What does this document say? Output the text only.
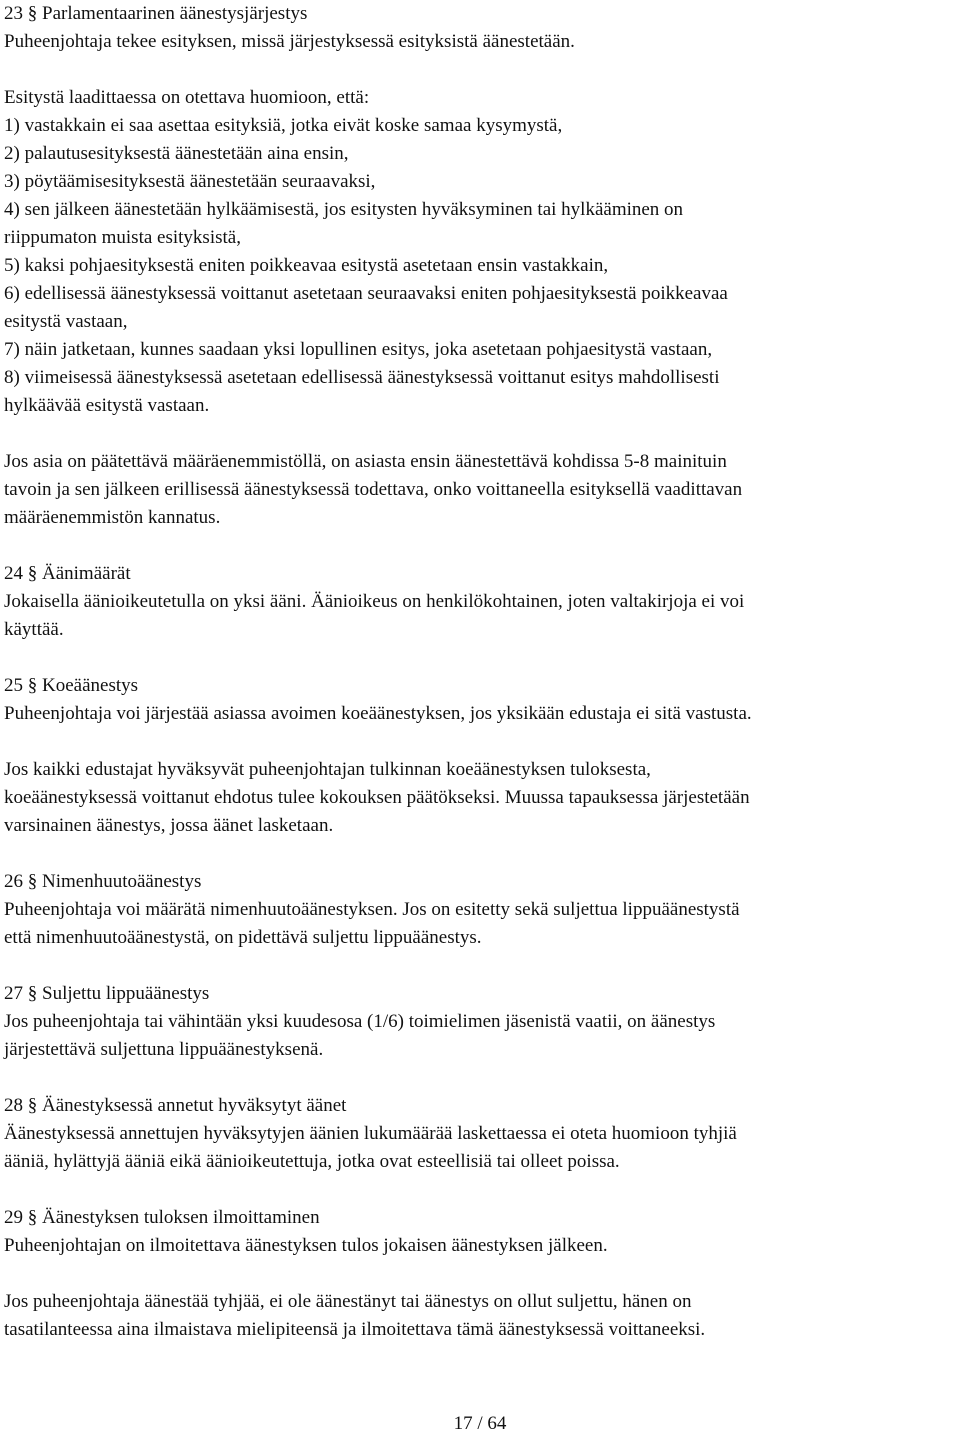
23 § Parlamentaarinen äänestysjärjestys
Puheenjohtaja tekee esityksen, missä järjestyksessä esityksistä äänestetään.
Esitystä laadittaessa on otettava huomioon, että:
1) vastakkain ei saa asettaa esityksiä, jotka eivät koske samaa kysymystä,
2) palautusesityksestä äänestetään aina ensin,
3) pöytäämisesityksestä äänestetään seuraavaksi,
4) sen jälkeen äänestetään hylkäämisestä, jos esitysten hyväksyminen tai hylkääminen on
riippumaton muista esityksistä,
5) kaksi pohjaesityksestä eniten poikkeavaa esitystä asetetaan ensin vastakkain,
6) edellisessä äänestyksessä voittanut asetetaan seuraavaksi eniten pohjaesityksestä poikkeavaa
esitystä vastaan,
7) näin jatketaan, kunnes saadaan yksi lopullinen esitys, joka asetetaan pohjaesitystä vastaan,
8) viimeisessä äänestyksessä asetetaan edellisessä äänestyksessä voittanut esitys mahdollisesti
hylkäävää esitystä vastaan.
Jos asia on päätettävä määräenemmistöllä, on asiasta ensin äänestettävä kohdissa 5-8 mainituin
tavoin ja sen jälkeen erillisessä äänestyksessä todettava, onko voittaneella esityksellä vaadittavan
määräenemmistön kannatus.
24 § Äänimäärät
Jokaisella äänioikeutetulla on yksi ääni. Äänioikeus on henkilökohtainen, joten valtakirjoja ei voi
käyttää.
25 § Koeäänestys
Puheenjohtaja voi järjestää asiassa avoimen koeäänestyksen, jos yksikään edustaja ei sitä vastusta.
Jos kaikki edustajat hyväksyvät puheenjohtajan tulkinnan koeäänestyksen tuloksesta,
koeäänestyksessä voittanut ehdotus tulee kokouksen päätökseksi. Muussa tapauksessa järjestetään
varsinainen äänestys, jossa äänet lasketaan.
26 § Nimenhuutoäänestys
Puheenjohtaja voi määrätä nimenhuutoäänestyksen. Jos on esitetty sekä suljettua lippuäänestystä
että nimenhuutoäänestystä, on pidettävä suljettu lippuäänestys.
27 § Suljettu lippuäänestys
Jos puheenjohtaja tai vähintään yksi kuudesosa (1/6) toimielimen jäsenistä vaatii, on äänestys
järjestettävä suljettuna lippuäänestyksenä.
28 § Äänestyksessä annetut hyväksytyt äänet
Äänestyksessä annettujen hyväksytyjen äänien lukumäärää laskettaessa ei oteta huomioon tyhjiä
ääniä, hylättyjä ääniä eikä äänioikeutettuja, jotka ovat esteellisiä tai olleet poissa.
29 § Äänestyksen tuloksen ilmoittaminen
Puheenjohtajan on ilmoitettava äänestyksen tulos jokaisen äänestyksen jälkeen.
Jos puheenjohtaja äänestää tyhjää, ei ole äänestänyt tai äänestys on ollut suljettu, hänen on
tasatilanteessa aina ilmaistava mielipiteensä ja ilmoitettava tämä äänestyksessä voittaneeksi.
17 / 64
